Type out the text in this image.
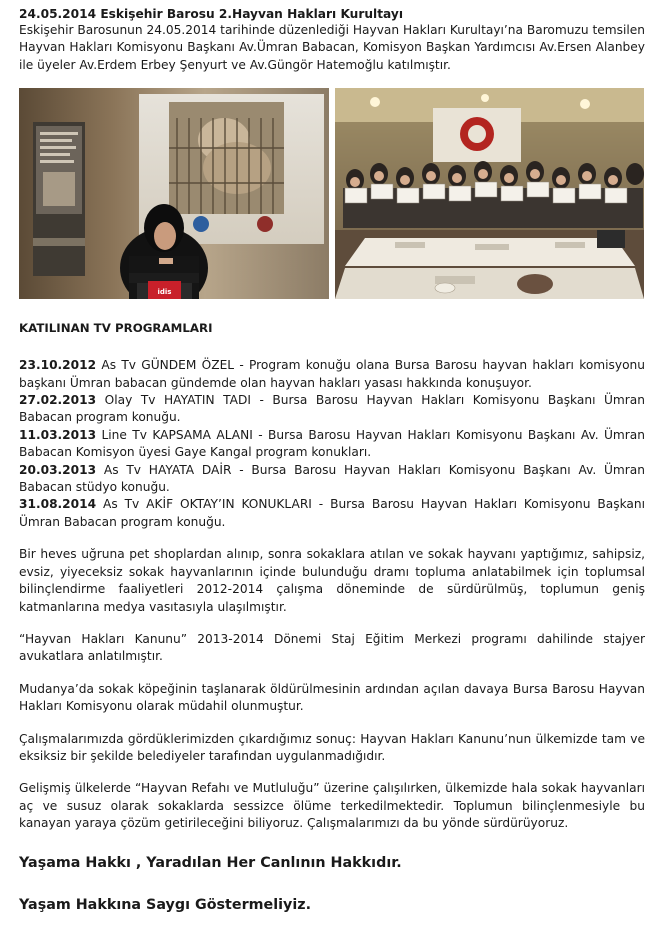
24.05.2014 Eskişehir Barosu 2.Hayvan Hakları Kurultayı

Eskişehir Barosunun 24.05.2014 tarihinde düzenlediği Hayvan Hakları Kurultayı’na Baromuzu temsilen Hayvan Hakları Komisyonu Başkanı Av.Ümran Babacan, Komisyon Başkan Yardımcısı Av.Ersen Alanbey ile üyeler Av.Erdem Erbey Şenyurt ve Av.Güngör Hatemoğlu katılmıştır.

idis

KATILINAN TV PROGRAMLARI

23.10.2012 As Tv GÜNDEM ÖZEL - Program konuğu olana Bursa Barosu hayvan hakları komisyonu başkanı Ümran babacan gündemde olan hayvan hakları yasası hakkında konuşuyor.

27.02.2013 Olay Tv HAYATIN TADI - Bursa Barosu Hayvan Hakları Komisyonu Başkanı Ümran Babacan program konuğu.

11.03.2013 Line Tv KAPSAMA ALANI - Bursa Barosu Hayvan Hakları Komisyonu Başkanı Av. Ümran Babacan Komisyon üyesi Gaye Kangal program konukları.

20.03.2013 As Tv HAYATA DAİR - Bursa Barosu Hayvan Hakları Komisyonu Başkanı Av. Ümran Babacan stüdyo konuğu.

31.08.2014 As Tv AKİF OKTAY’IN KONUKLARI - Bursa Barosu Hayvan Hakları Komisyonu Başkanı Ümran Babacan program konuğu.

Bir heves uğruna pet shoplardan alınıp, sonra sokaklara atılan ve sokak hayvanı yaptığımız, sahipsiz, evsiz, yiyeceksiz sokak hayvanlarının içinde bulunduğu dramı topluma anlatabilmek için toplumsal bilinçlendirme faaliyetleri 2012-2014 çalışma döneminde de sürdürülmüş, toplumun geniş katmanlarına medya vasıtasıyla ulaşılmıştır.

“Hayvan Hakları Kanunu” 2013-2014 Dönemi Staj Eğitim Merkezi programı dahilinde stajyer avukatlara anlatılmıştır.

Mudanya’da sokak köpeğinin taşlanarak öldürülmesinin ardından açılan davaya Bursa Barosu Hayvan Hakları Komisyonu olarak müdahil olunmuştur.

Çalışmalarımızda gördüklerimizden çıkardığımız sonuç: Hayvan Hakları Kanunu’nun ülkemizde tam ve eksiksiz bir şekilde belediyeler tarafından uygulanmadığıdır.

Gelişmiş ülkelerde “Hayvan Refahı ve Mutluluğu” üzerine çalışılırken, ülkemizde hala sokak hayvanları aç ve susuz olarak sokaklarda sessizce ölüme terkedilmektedir. Toplumun bilinçlenmesiyle bu kanayan yaraya çözüm getirileceğini biliyoruz. Çalışmalarımızı da bu yönde sürdürüyoruz.

Yaşama Hakkı , Yaradılan Her Canlının Hakkıdır.

Yaşam Hakkına Saygı Göstermeliyiz.
